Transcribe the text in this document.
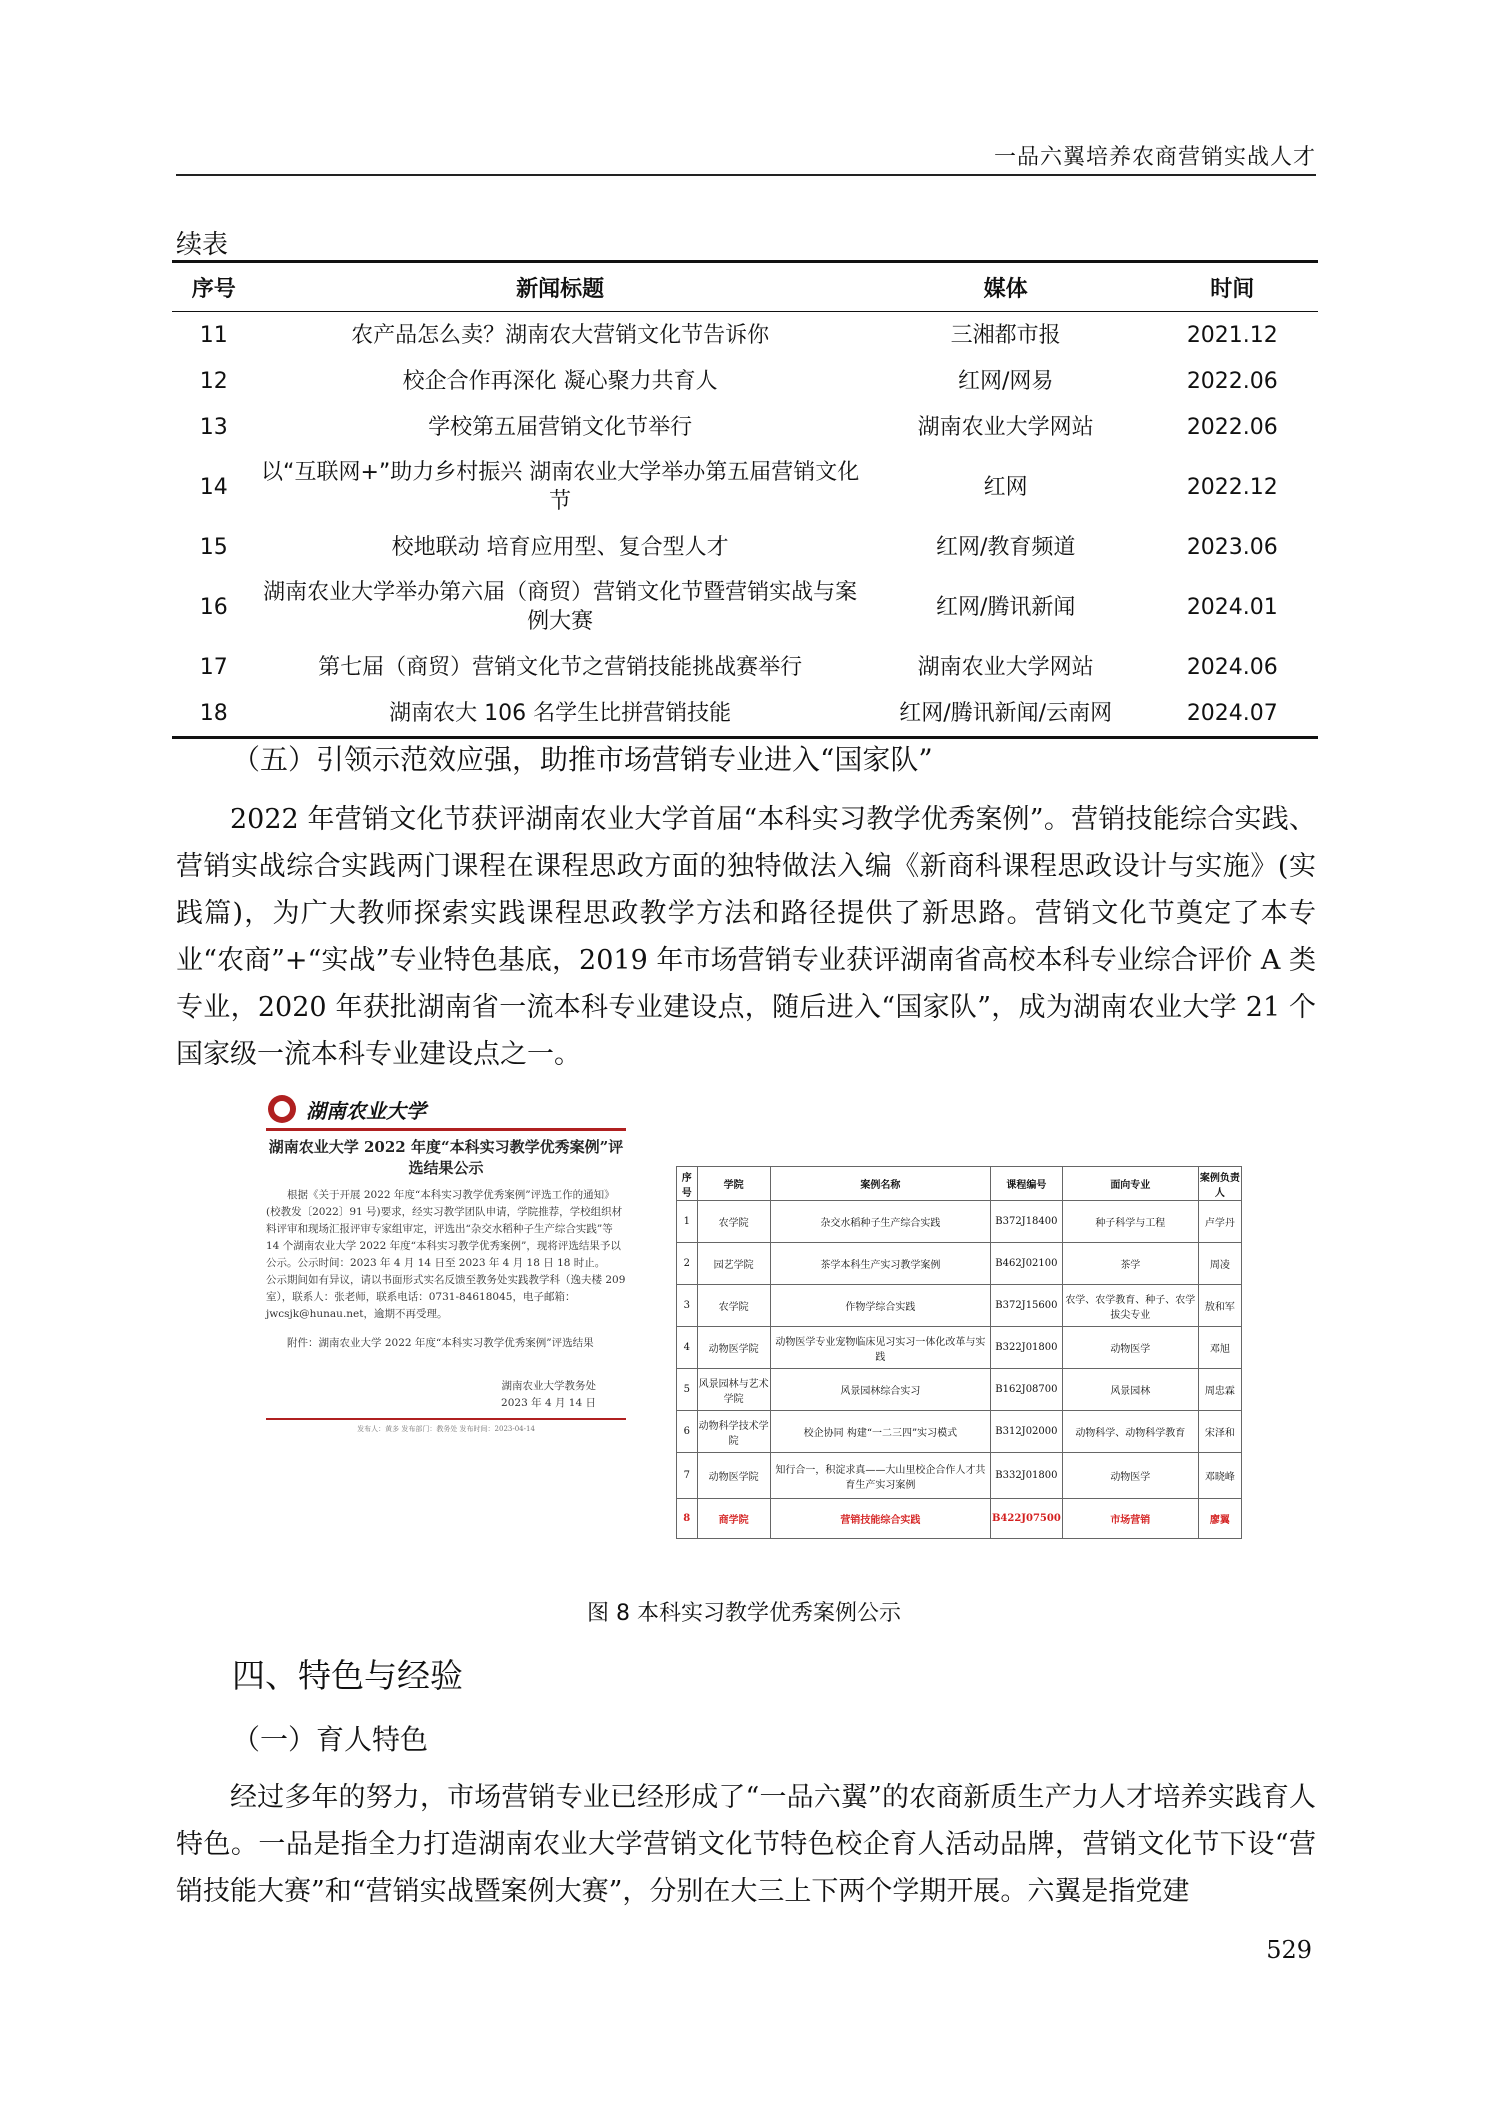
一品六翼培养农商营销实战人才
续表
序号	新闻标题	媒体	时间
11	农产品怎么卖？湖南农大营销文化节告诉你	三湘都市报	2021.12
12	校企合作再深化 凝心聚力共育人	红网/网易	2022.06
13	学校第五届营销文化节举行	湖南农业大学网站	2022.06
14	以“互联网+”助力乡村振兴 湖南农业大学举办第五届营销文化节	红网	2022.12
15	校地联动 培育应用型、复合型人才	红网/教育频道	2023.06
16	湖南农业大学举办第六届（商贸）营销文化节暨营销实战与案例大赛	红网/腾讯新闻	2024.01
17	第七届（商贸）营销文化节之营销技能挑战赛举行	湖南农业大学网站	2024.06
18	湖南农大 106 名学生比拼营销技能	红网/腾讯新闻/云南网	2024.07
（五）引领示范效应强，助推市场营销专业进入“国家队”
2022 年营销文化节获评湖南农业大学首届“本科实习教学优秀案例”。营销技能综合实践、营销实战综合实践两门课程在课程思政方面的独特做法入编《新商科课程思政设计与实施》(实践篇)，为广大教师探索实践课程思政教学方法和路径提供了新思路。营销文化节奠定了本专业“农商”+“实战”专业特色基底，2019 年市场营销专业获评湖南省高校本科专业综合评价 A 类专业，2020 年获批湖南省一流本科专业建设点，随后进入“国家队”，成为湖南农业大学 21 个国家级一流本科专业建设点之一。
湖南农业大学
湖南农业大学 2022 年度“本科实习教学优秀案例”评选结果公示
根据《关于开展 2022 年度“本科实习教学优秀案例”评选工作的通知》(校教发〔2022〕91 号)要求，经实习教学团队申请，学院推荐，学校组织材料评审和现场汇报评审专家组审定，评选出“杂交水稻种子生产综合实践”等 14 个湖南农业大学 2022 年度“本科实习教学优秀案例”，现将评选结果予以公示。公示时间：2023 年 4 月 14 日至 2023 年 4 月 18 日 18 时止。
公示期间如有异议，请以书面形式实名反馈至教务处实践教学科（逸夫楼 209 室），联系人：张老师，联系电话：0731-84618045，电子邮箱：jwcsjk@hunau.net，逾期不再受理。
附件：湖南农业大学 2022 年度“本科实习教学优秀案例”评选结果
湖南农业大学教务处
2023 年 4 月 14 日
发布人：黄多 发布部门：教务处 发布时间：2023-04-14
序号	学院	案例名称	课程编号	面向专业	案例负责人
1	农学院	杂交水稻种子生产综合实践	B372J18400	种子科学与工程	卢学丹
2	园艺学院	茶学本科生产实习教学案例	B462J02100	茶学	周凌
3	农学院	作物学综合实践	B372J15600	农学、农学教育、种子、农学拔尖专业	敖和军
4	动物医学院	动物医学专业宠物临床见习实习一体化改革与实践	B322J01800	动物医学	邓旭
5	风景园林与艺术学院	风景园林综合实习	B162J08700	风景园林	周忠霖
6	动物科学技术学院	校企协同 构建“一二三四”实习模式	B312J02000	动物科学、动物科学教育	宋泽和
7	动物医学院	知行合一，积淀求真——大山里校企合作人才共育生产实习案例	B332J01800	动物医学	邓晓峰
8	商学院	营销技能综合实践	B422J07500	市场营销	廖翼
图 8 本科实习教学优秀案例公示
四、特色与经验
（一）育人特色
经过多年的努力，市场营销专业已经形成了“一品六翼”的农商新质生产力人才培养实践育人特色。一品是指全力打造湖南农业大学营销文化节特色校企育人活动品牌，营销文化节下设“营销技能大赛”和“营销实战暨案例大赛”，分别在大三上下两个学期开展。六翼是指党建
529
